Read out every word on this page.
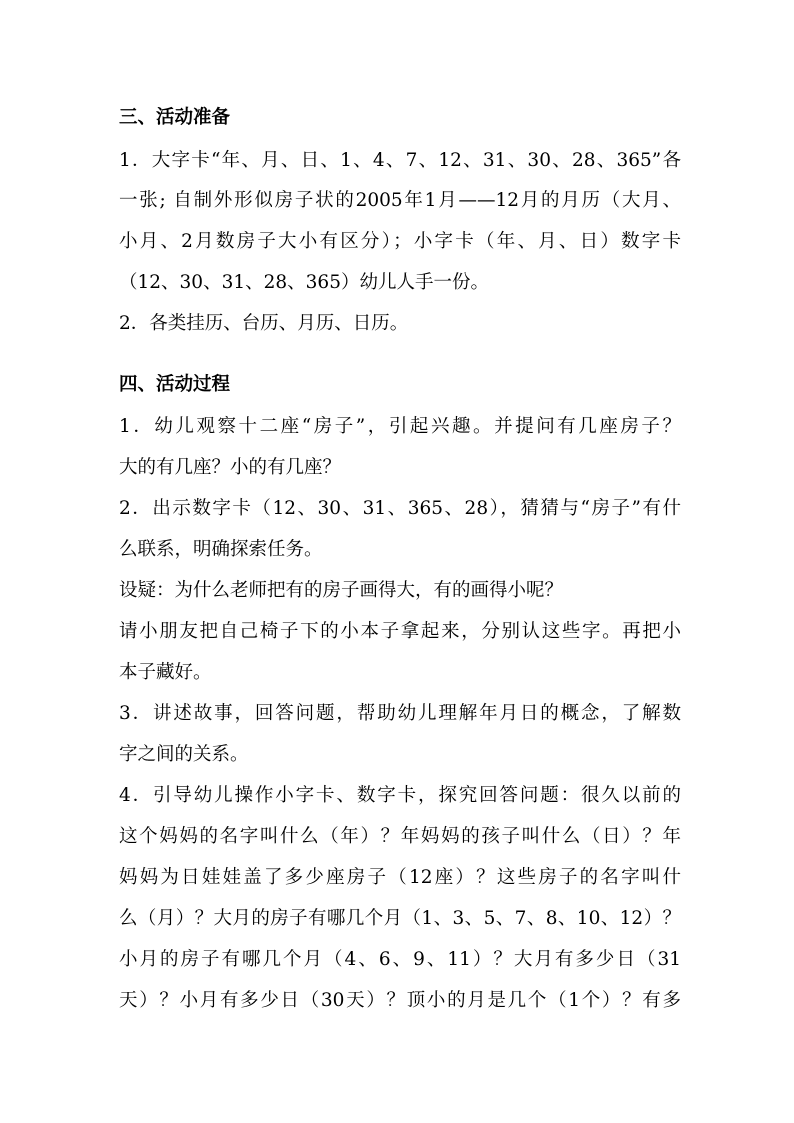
三、活动准备
1．大字卡“年、月、日、1、4、7、12、31、30、28、365”各
一张; 自制外形似房子状的2005年1月——12月的月历（大月、
小月、2月数房子大小有区分）；小字卡（年、月、日）数字卡
（12、30、31、28、365）幼儿人手一份。
2．各类挂历、台历、月历、日历。
四、活动过程
1．幼儿观察十二座“房子”，引起兴趣。并提问有几座房子？
大的有几座？小的有几座？
2．出示数字卡（12、30、31、365、28），猜猜与“房子”有什
么联系，明确探索任务。
设疑：为什么老师把有的房子画得大，有的画得小呢？
请小朋友把自己椅子下的小本子拿起来，分别认这些字。再把小
本子藏好。
3．讲述故事，回答问题，帮助幼儿理解年月日的概念，了解数
字之间的关系。
4．引导幼儿操作小字卡、数字卡，探究回答问题：很久以前的
这个妈妈的名字叫什么（年）？年妈妈的孩子叫什么（日）？年
妈妈为日娃娃盖了多少座房子（12座）？这些房子的名字叫什
么（月）？大月的房子有哪几个月（1、3、5、7、8、10、12）？
小月的房子有哪几个月（4、6、9、11）？大月有多少日（31
天）？小月有多少日（30天）？顶小的月是几个（1个）？有多
